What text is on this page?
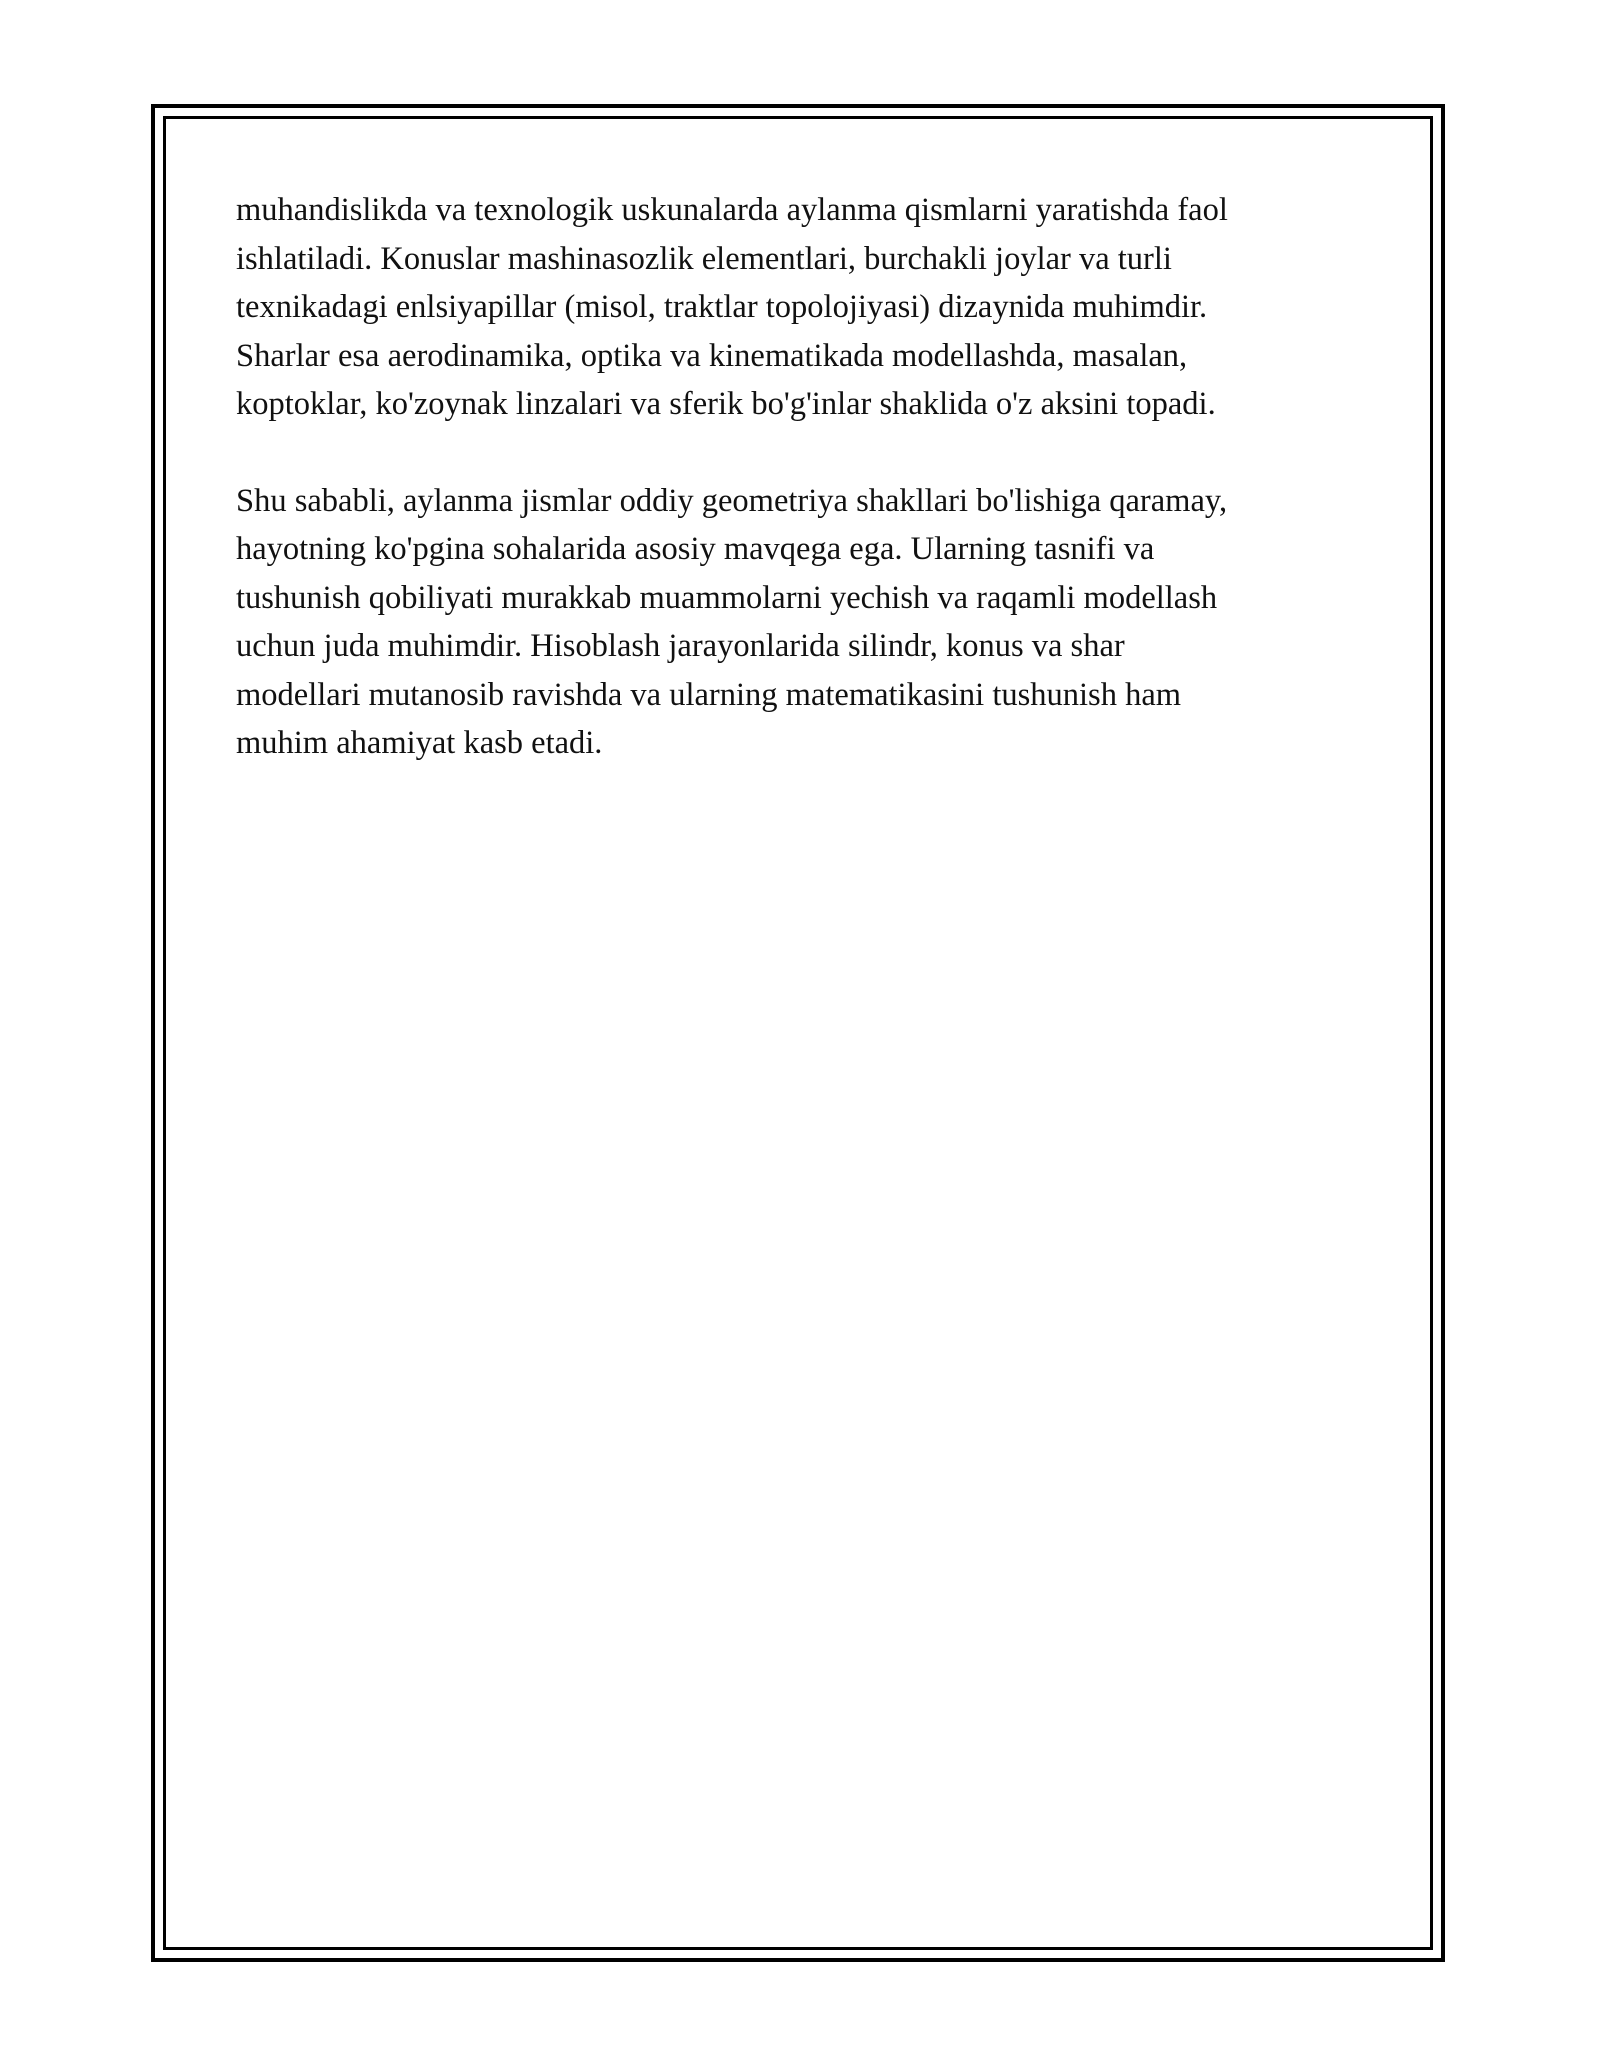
muhandislikda va texnologik uskunalarda aylanma qismlarni yaratishda faol
ishlatiladi. Konuslar mashinasozlik elementlari, burchakli joylar va turli
texnikadagi enlsiyapillar (misol, traktlar topolojiyasi) dizaynida muhimdir.
Sharlar esa aerodinamika, optika va kinematikada modellashda, masalan,
koptoklar, ko'zoynak linzalari va sferik bo'g'inlar shaklida o'z aksini topadi.

Shu sababli, aylanma jismlar oddiy geometriya shakllari bo'lishiga qaramay,
hayotning ko'pgina sohalarida asosiy mavqega ega. Ularning tasnifi va
tushunish qobiliyati murakkab muammolarni yechish va raqamli modellash
uchun juda muhimdir. Hisoblash jarayonlarida silindr, konus va shar
modellari mutanosib ravishda va ularning matematikasini tushunish ham
muhim ahamiyat kasb etadi.
